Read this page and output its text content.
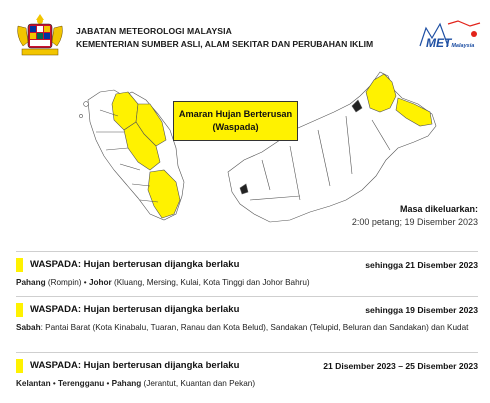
JABATAN METEOROLOGI MALAYSIA
KEMENTERIAN SUMBER ASLI, ALAM SEKITAR DAN PERUBAHAN IKLIM	METMalaysia
Amaran Hujan Berterusan
(Waspada)
Masa dikeluarkan:
2:00 petang; 19 Disember 2023
WASPADA: Hujan berterusan dijangka berlaku	sehingga 21 Disember 2023
Pahang (Rompin) • Johor (Kluang, Mersing, Kulai, Kota Tinggi dan Johor Bahru)
WASPADA: Hujan berterusan dijangka berlaku	sehingga 19 Disember 2023
Sabah: Pantai Barat (Kota Kinabalu, Tuaran, Ranau dan Kota Belud), Sandakan (Telupid, Beluran dan Sandakan) dan Kudat
WASPADA: Hujan berterusan dijangka berlaku	21 Disember 2023 – 25 Disember 2023
Kelantan • Terengganu • Pahang (Jerantut, Kuantan dan Pekan)
